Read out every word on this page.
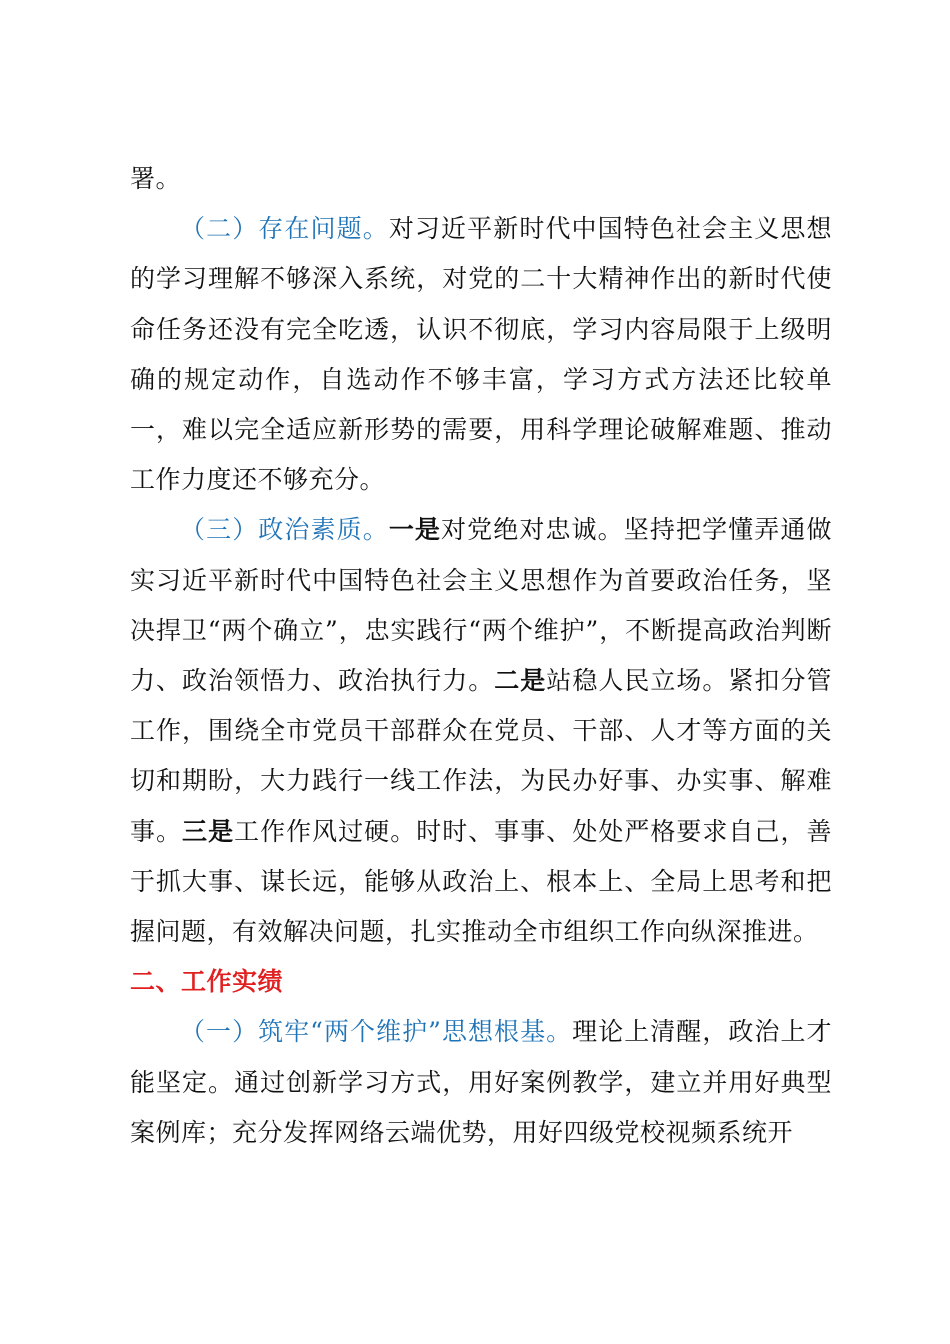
署。

（二）存在问题。对习近平新时代中国特色社会主义思想的学习理解不够深入系统，对党的二十大精神作出的新时代使命任务还没有完全吃透，认识不彻底，学习内容局限于上级明确的规定动作，自选动作不够丰富，学习方式方法还比较单一，难以完全适应新形势的需要，用科学理论破解难题、推动工作力度还不够充分。

（三）政治素质。一是对党绝对忠诚。坚持把学懂弄通做实习近平新时代中国特色社会主义思想作为首要政治任务，坚决捍卫“两个确立”，忠实践行“两个维护”，不断提高政治判断力、政治领悟力、政治执行力。二是站稳人民立场。紧扣分管工作，围绕全市党员干部群众在党员、干部、人才等方面的关切和期盼，大力践行一线工作法，为民办好事、办实事、解难事。三是工作作风过硬。时时、事事、处处严格要求自己，善于抓大事、谋长远，能够从政治上、根本上、全局上思考和把握问题，有效解决问题，扎实推动全市组织工作向纵深推进。

二、工作实绩

（一）筑牢“两个维护”思想根基。理论上清醒，政治上才能坚定。通过创新学习方式，用好案例教学，建立并用好典型案例库；充分发挥网络云端优势，用好四级党校视频系统开
